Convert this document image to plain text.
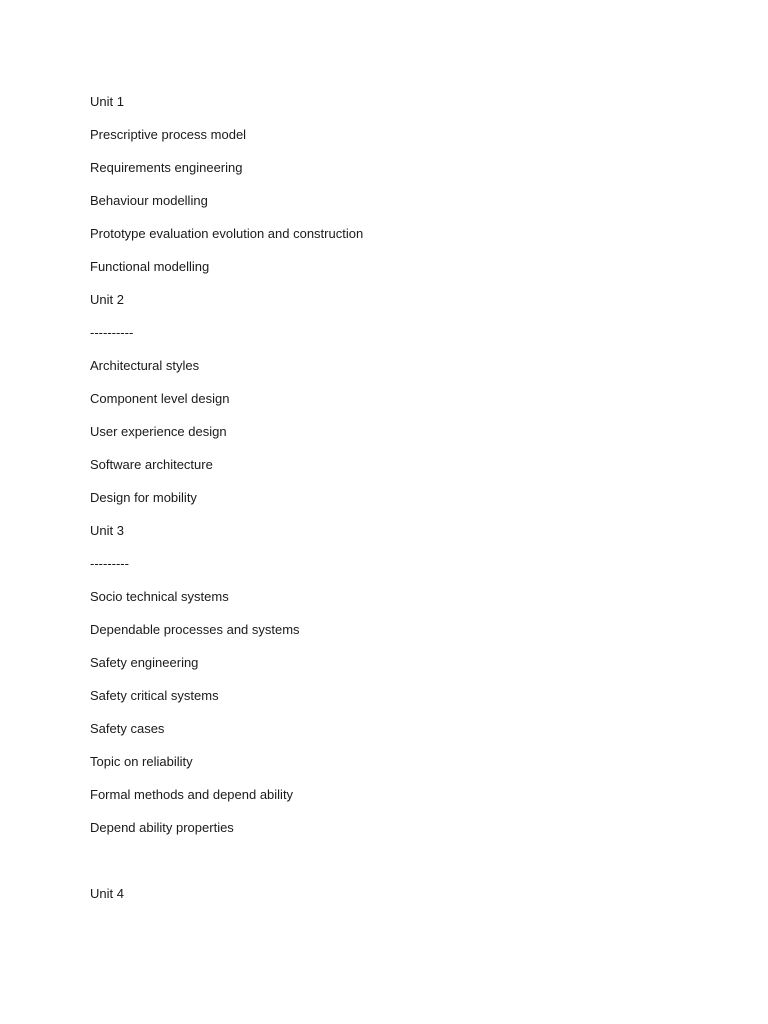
Unit 1
Prescriptive process model
Requirements engineering
Behaviour modelling
Prototype evaluation evolution and construction
Functional modelling
Unit 2
----------
Architectural styles
Component level design
User experience design
Software architecture
Design for mobility
Unit 3
---------
Socio technical systems
Dependable processes and systems
Safety engineering
Safety critical systems
Safety cases
Topic on reliability
Formal methods and depend ability
Depend ability properties
Unit 4
